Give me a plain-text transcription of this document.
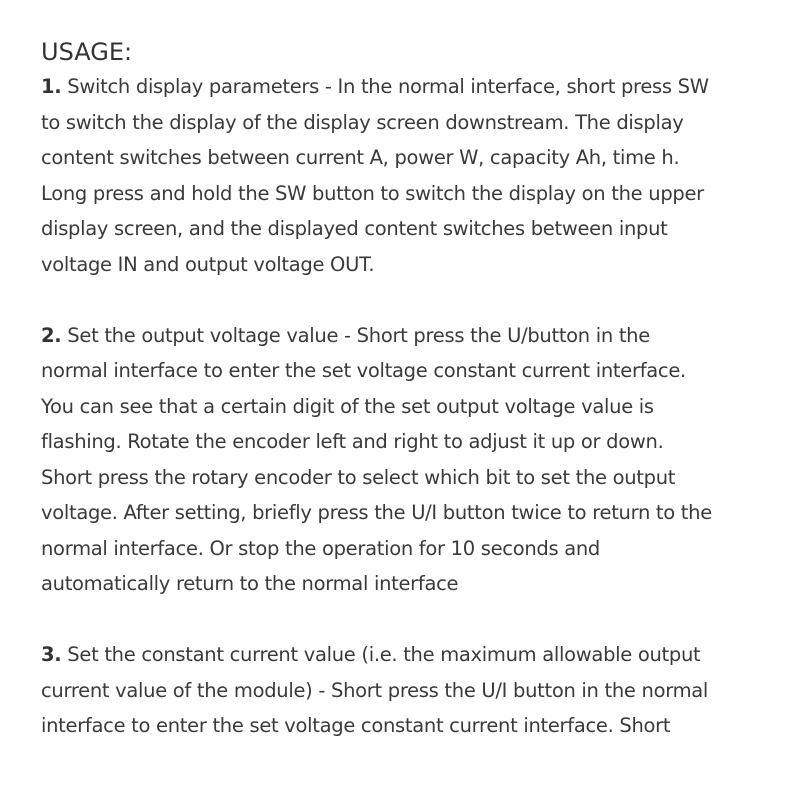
USAGE:
1. Switch display parameters - In the normal interface, short press SW
to switch the display of the display screen downstream. The display
content switches between current A, power W, capacity Ah, time h.
Long press and hold the SW button to switch the display on the upper
display screen, and the displayed content switches between input
voltage IN and output voltage OUT.
2. Set the output voltage value - Short press the U/button in the
normal interface to enter the set voltage constant current interface.
You can see that a certain digit of the set output voltage value is
flashing. Rotate the encoder left and right to adjust it up or down.
Short press the rotary encoder to select which bit to set the output
voltage. After setting, briefly press the U/I button twice to return to the
normal interface. Or stop the operation for 10 seconds and
automatically return to the normal interface
3. Set the constant current value (i.e. the maximum allowable output
current value of the module) - Short press the U/I button in the normal
interface to enter the set voltage constant current interface. Short
